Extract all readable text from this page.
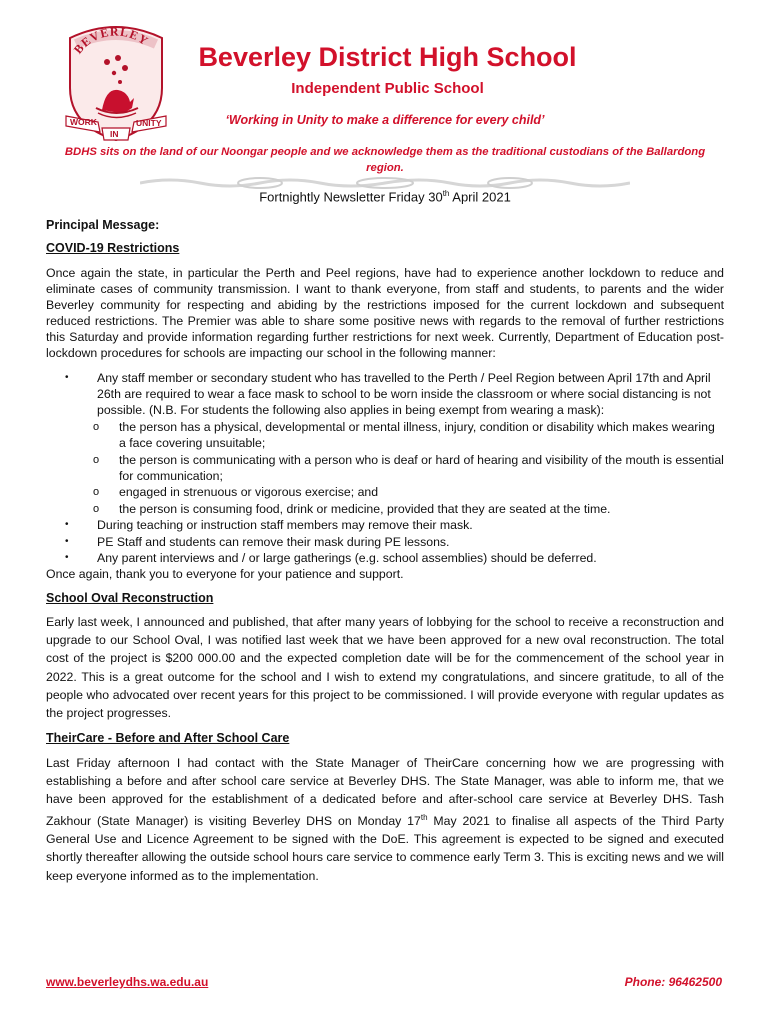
BEVERLEY
WORK
IN
UNITY
Beverley District High School
Independent Public School
‘Working in Unity to make a difference for every child’
BDHS sits on the land of our Noongar people and we acknowledge them as the traditional custodians of the Ballardong region.
Fortnightly Newsletter Friday 30th April 2021

Principal Message:

COVID-19 Restrictions

Once again the state, in particular the Perth and Peel regions, have had to experience another lockdown to reduce and eliminate cases of community transmission. I want to thank everyone, from staff and students, to parents and the wider Beverley community for respecting and abiding by the restrictions imposed for the current lockdown and subsequent reduced restrictions. The Premier was able to share some positive news with regards to the removal of further restrictions this Saturday and provide information regarding further restrictions for next week. Currently, Department of Education post-lockdown procedures for schools are impacting our school in the following manner:

• Any staff member or secondary student who has travelled to the Perth / Peel Region between April 17th and April 26th are required to wear a face mask to school to be worn inside the classroom or where social distancing is not possible. (N.B. For students the following also applies in being exempt from wearing a mask):
o the person has a physical, developmental or mental illness, injury, condition or disability which makes wearing a face covering unsuitable;
o the person is communicating with a person who is deaf or hard of hearing and visibility of the mouth is essential for communication;
o engaged in strenuous or vigorous exercise; and
o the person is consuming food, drink or medicine, provided that they are seated at the time.
• During teaching or instruction staff members may remove their mask.
• PE Staff and students can remove their mask during PE lessons.
• Any parent interviews and / or large gatherings (e.g. school assemblies) should be deferred.

Once again, thank you to everyone for your patience and support.

School Oval Reconstruction

Early last week, I announced and published, that after many years of lobbying for the school to receive a reconstruction and upgrade to our School Oval, I was notified last week that we have been approved for a new oval reconstruction. The total cost of the project is $200 000.00 and the expected completion date will be for the commencement of the school year in 2022. This is a great outcome for the school and I wish to extend my congratulations, and sincere gratitude, to all of the people who advocated over recent years for this project to be commissioned. I will provide everyone with regular updates as the project progresses.

TheirCare - Before and After School Care

Last Friday afternoon I had contact with the State Manager of TheirCare concerning how we are progressing with establishing a before and after school care service at Beverley DHS. The State Manager, was able to inform me, that we have been approved for the establishment of a dedicated before and after-school care service at Beverley DHS. Tash Zakhour (State Manager) is visiting Beverley DHS on Monday 17th May 2021 to finalise all aspects of the Third Party General Use and Licence Agreement to be signed with the DoE. This agreement is expected to be signed and executed shortly thereafter allowing the outside school hours care service to commence early Term 3. This is exciting news and we will keep everyone informed as to the implementation.

www.beverleydhs.wa.edu.au	Phone: 96462500
